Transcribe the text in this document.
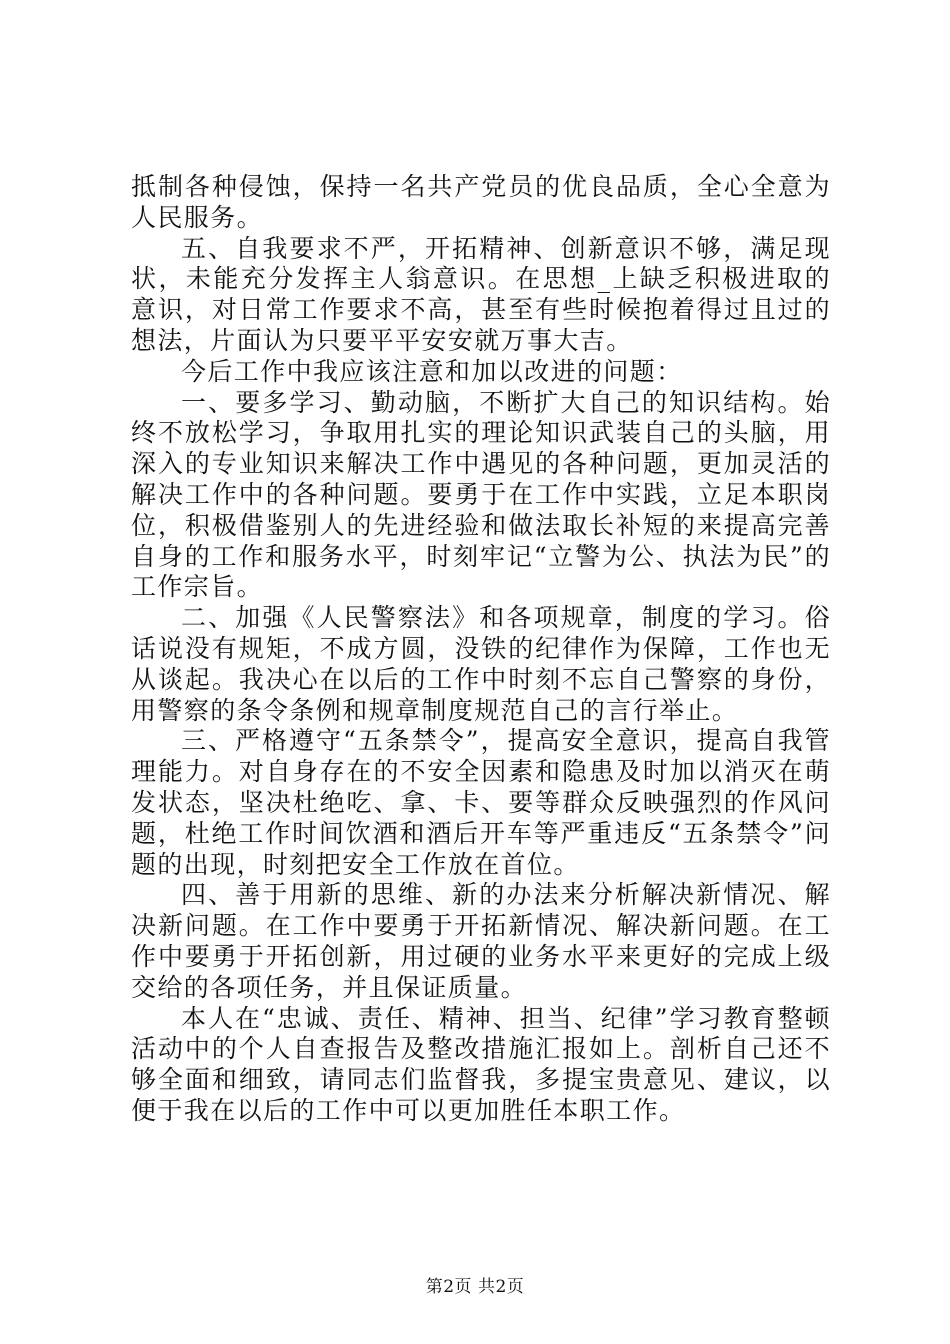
抵制各种侵蚀，保持一名共产党员的优良品质，全心全意为人民服务。

五、自我要求不严，开拓精神、创新意识不够，满足现状，未能充分发挥主人翁意识。在思想_上缺乏积极进取的意识，对日常工作要求不高，甚至有些时候抱着得过且过的想法，片面认为只要平平安安就万事大吉。

今后工作中我应该注意和加以改进的问题：

一、要多学习、勤动脑，不断扩大自己的知识结构。始终不放松学习，争取用扎实的理论知识武装自己的头脑，用深入的专业知识来解决工作中遇见的各种问题，更加灵活的解决工作中的各种问题。要勇于在工作中实践，立足本职岗位，积极借鉴别人的先进经验和做法取长补短的来提高完善自身的工作和服务水平，时刻牢记“立警为公、执法为民”的工作宗旨。

二、加强《人民警察法》和各项规章，制度的学习。俗话说没有规矩，不成方圆，没铁的纪律作为保障，工作也无从谈起。我决心在以后的工作中时刻不忘自己警察的身份，用警察的条令条例和规章制度规范自己的言行举止。

三、严格遵守“五条禁令”，提高安全意识，提高自我管理能力。对自身存在的不安全因素和隐患及时加以消灭在萌发状态，坚决杜绝吃、拿、卡、要等群众反映强烈的作风问题，杜绝工作时间饮酒和酒后开车等严重违反“五条禁令”问题的出现，时刻把安全工作放在首位。

四、善于用新的思维、新的办法来分析解决新情况、解决新问题。在工作中要勇于开拓新情况、解决新问题。在工作中要勇于开拓创新，用过硬的业务水平来更好的完成上级交给的各项任务，并且保证质量。

本人在“忠诚、责任、精神、担当、纪律”学习教育整顿活动中的个人自查报告及整改措施汇报如上。剖析自己还不够全面和细致，请同志们监督我，多提宝贵意见、建议，以便于我在以后的工作中可以更加胜任本职工作。

第2页 共2页
